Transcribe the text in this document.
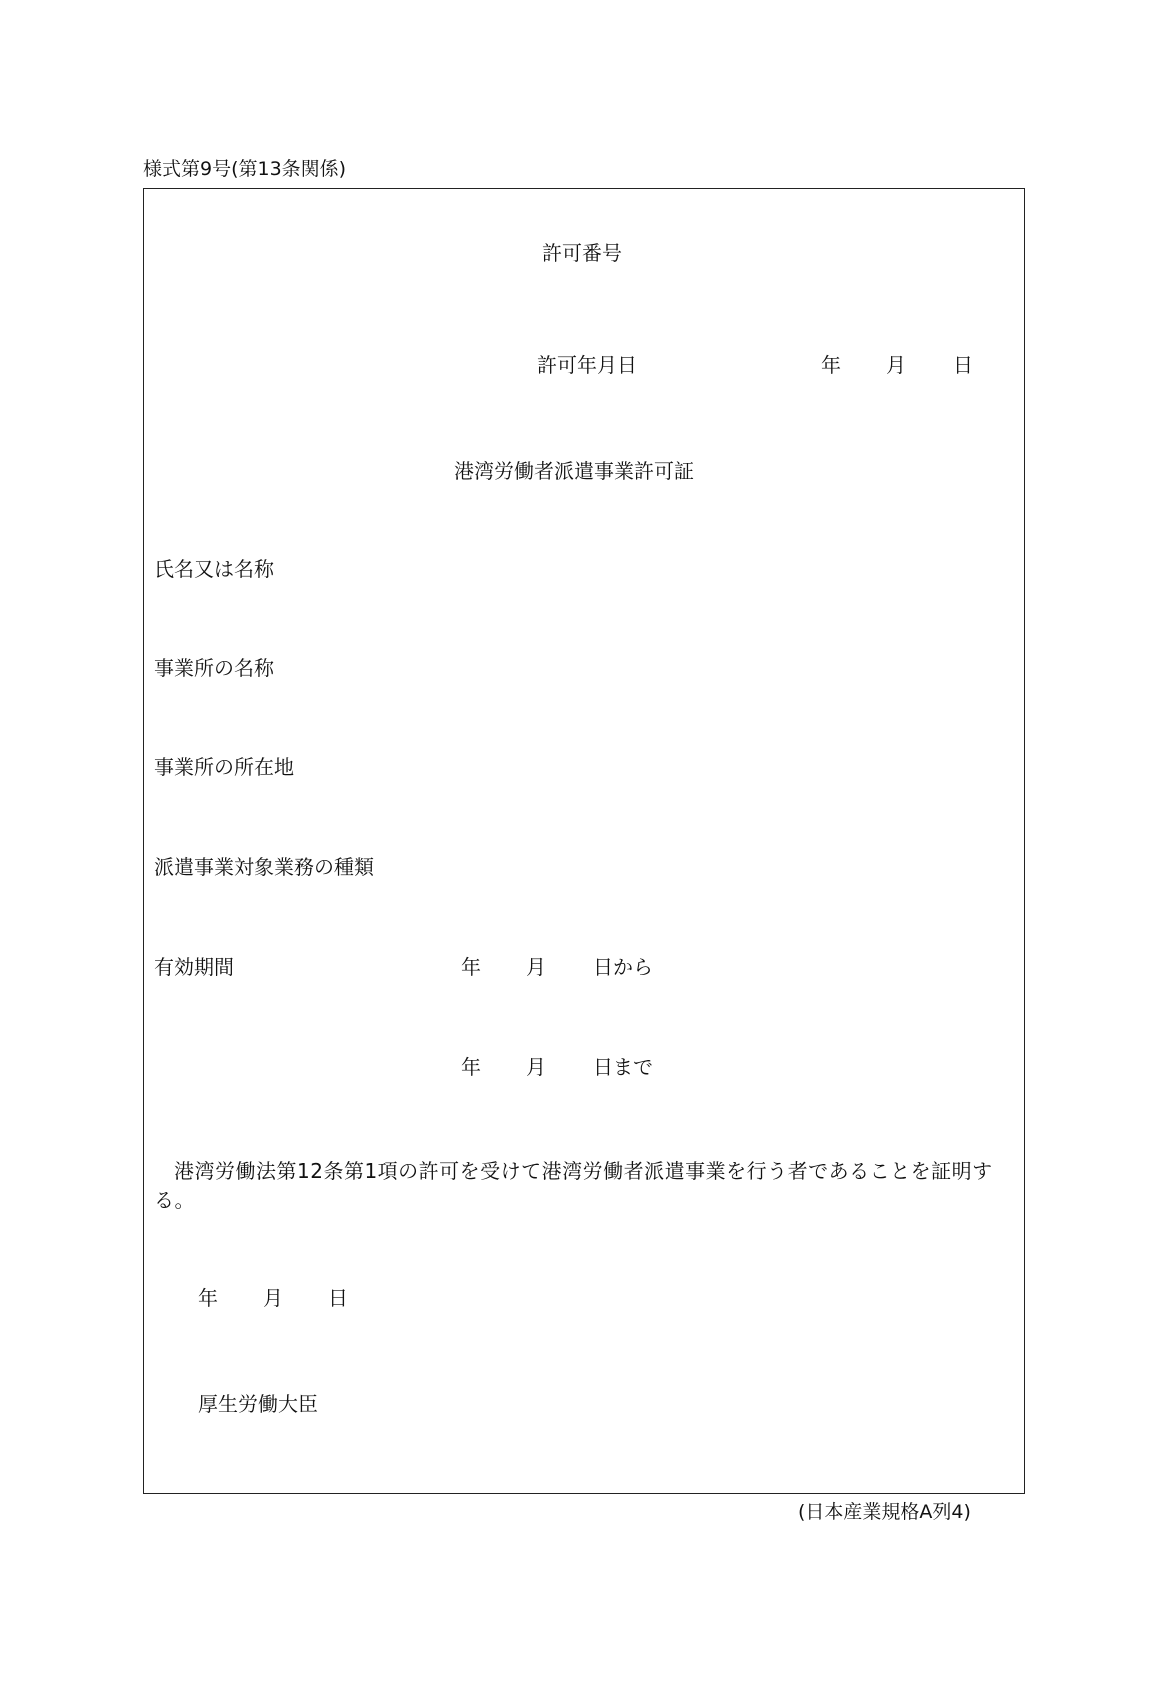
様式第9号(第13条関係)
許可番号
許可年月日	年 月 日
港湾労働者派遣事業許可証
氏名又は名称
事業所の名称
事業所の所在地
派遣事業対象業務の種類
有効期間	年 月 日から
年 月 日まで
港湾労働法第12条第1項の許可を受けて港湾労働者派遣事業を行う者であることを証明する。
年 月 日
厚生労働大臣
(日本産業規格A列4)
